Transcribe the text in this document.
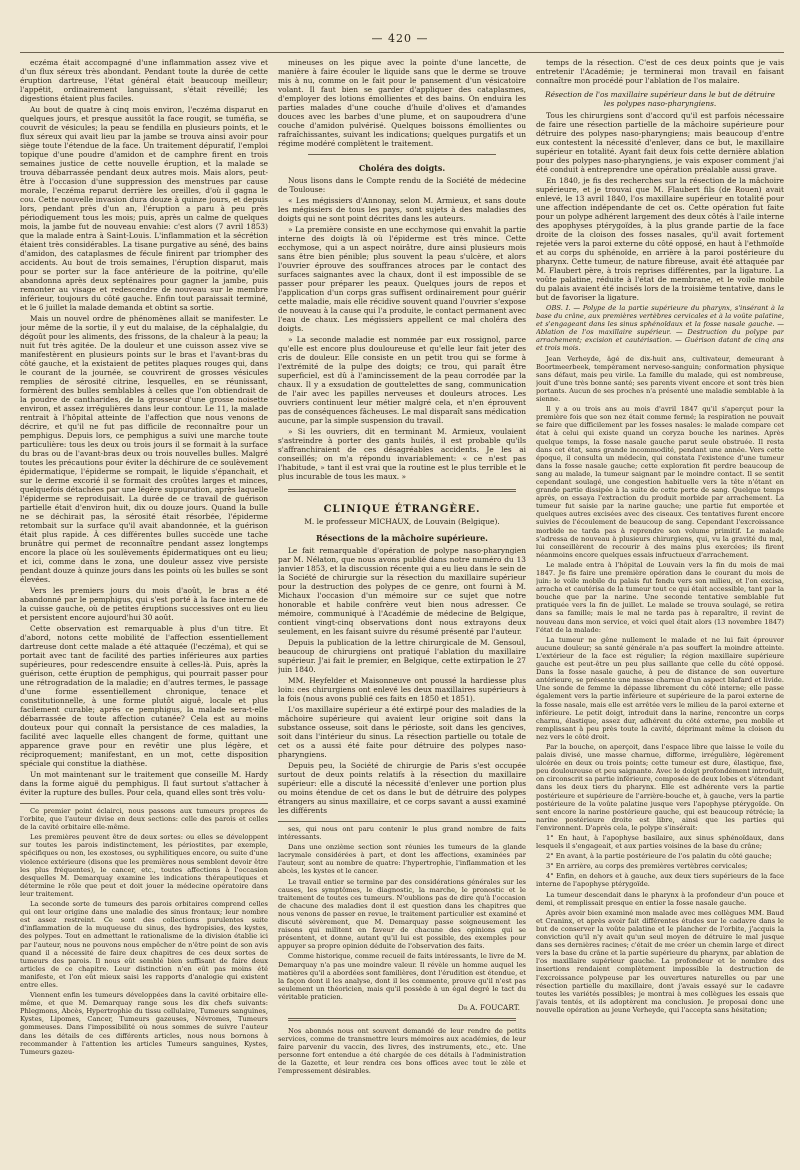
— 420 —

eczéma était accompagné d'une inflammation assez vive et d'un flux séreux très abondant. Pendant toute la durée de cette éruption dartreuse, l'état général était beaucoup meilleur; l'appétit, ordinairement languissant, s'était réveillé; les digestions étaient plus faciles.

Au bout de quatre à cinq mois environ, l'eczéma disparut en quelques jours, et presque aussitôt la face rougit, se tuméfia, se couvrit de vésicules; la peau se fendilla en plusieurs points, et le flux séreux qui avait lieu par la jambe se trouva ainsi avoir pour siège toute l'étendue de la face. Un traitement dépuratif, l'emploi topique d'une poudre d'amidon et de camphre firent en trois semaines justice de cette nouvelle éruption, et la malade se trouva débarrassée pendant deux autres mois. Mais alors, peut-être à l'occasion d'une suppression des menstrues par cause morale, l'eczéma reparut derrière les oreilles, d'où il gagna le cou. Cette nouvelle invasion dura douze à quinze jours, et depuis lors, pendant près d'un an, l'éruption a paru à peu près périodiquement tous les mois; puis, après un calme de quelques mois, la jambe fut de nouveau envahie: c'est alors (7 avril 1853) que la malade entra à Saint-Louis. L'inflammation et la sécrétion étaient très considérables. La tisane purgative au séné, des bains d'amidon, des cataplasmes de fécule finirent par triompher des accidents. Au bout de trois semaines, l'éruption disparut, mais pour se porter sur la face antérieure de la poitrine, qu'elle abandonna après deux septénaires pour gagner la jambe, puis remonter au visage et redescendre de nouveau sur le membre inférieur, toujours du côté gauche. Enfin tout paraissait terminé, et le 6 juillet la malade demanda et obtint sa sortie.

Mais un nouvel ordre de phénomènes allait se manifester. Le jour même de la sortie, il y eut du malaise, de la céphalalgie, du dégoût pour les aliments, des frissons, de la chaleur à la peau; la nuit fut très agitée. De la douleur et une cuisson assez vive se manifestèrent en plusieurs points sur le bras et l'avant-bras du côté gauche, et la existaient de petites plaques rouges qui, dans le courant de la journée, se couvrirent de grosses vésicules remplies de sérosité citrine, lesquelles, en se réunissant, formèrent des bulles semblables à celles que l'on obtiendrait de la poudre de cantharides, de la grosseur d'une grosse noisette environ, et assez irrégulières dans leur contour. Le 11, la malade rentrait à l'hôpital atteinte de l'affection que nous venons de décrire, et qu'il ne fut pas difficile de reconnaître pour un pemphigus. Depuis lors, ce pemphigus a suivi une marche toute particulière: tous les deux ou trois jours il se formait à la surface du bras ou de l'avant-bras deux ou trois nouvelles bulles. Malgré toutes les précautions pour éviter la déchirure de ce soulèvement épidermatique, l'épiderme se rompait, le liquide s'épanchait, et sur le derme excorié il se formait des croûtes larges et minces, quelquefois détachées par une légère suppuration, après laquelle l'épiderme se reproduisait. La durée de ce travail de guérison partielle était d'environ huit, dix ou douze jours. Quand la bulle ne se déchirait pas, la sérosité était résorbée, l'épiderme retombait sur la surface qu'il avait abandonnée, et la guérison était plus rapide. À ces différentes bulles succède une tache brunâtre qui permet de reconnaître pendant assez longtemps encore la place où les soulèvements épidermatiques ont eu lieu; et ici, comme dans le zona, une douleur assez vive persiste pendant douze à quinze jours dans les points où les bulles se sont élevées.

Vers les premiers jours du mois d'août, le bras a été abandonné par le pemphigus, qui s'est porté à la face interne de la cuisse gauche, où de petites éruptions successives ont eu lieu et persistent encore aujourd'hui 30 août.

Cette observation est remarquable à plus d'un titre. Et d'abord, notons cette mobilité de l'affection essentiellement dartreuse dont cette malade a été attaquée (l'eczéma), et qui se portait avec tant de facilité des parties inférieures aux parties supérieures, pour redescendre ensuite à celles-là. Puis, après la guérison, cette éruption de pemphigus, qui pourrait passer pour une rétrogradation de la maladie; en d'autres termes, le passage d'une forme essentiellement chronique, tenace et constitutionnelle, à une forme plutôt aiguë, locale et plus facilement curable; après ce pemphigus, la malade sera-t-elle débarrassée de toute affection cutanée? Cela est au moins douteux pour qui connaît la persistance de ces maladies, la facilité avec laquelle elles changent de forme, quittant une apparence grave pour en revêtir une plus légère, et réciproquement; manifestant, en un mot, cette disposition spéciale qui constitue la diathèse.

Un mot maintenant sur le traitement que conseille M. Hardy dans la forme aiguë du pemphigus. Il faut surtout s'attacher à éviter la rupture des bulles. Pour cela, quand elles sont très volu-

Ce premier point éclairci, nous passons aux tumeurs propres de l'orbite, que l'auteur divise en deux sections: celle des parois et celles de la cavité orbitaire elle-même.

Les premières peuvent être de deux sortes: ou elles se développent sur toutes les parois indistinctement, les périostites, par exemple, spécifiques ou non, les exostoses, ou syphilitiques encore, ou suite d'une violence extérieure (disons que les premières nous semblent devoir être les plus fréquentes), le cancer, etc., toutes affections à l'occasion desquelles M. Demarquay examine les indications thérapeutiques et détermine le rôle que peut et doit jouer la médecine opératoire dans leur traitement.

La seconde sorte de tumeurs des parois orbitaires comprend celles qui ont leur origine dans une maladie des sinus frontaux; leur nombre est assez restreint. Ce sont des collections purulentes suite d'inflammation de la muqueuse du sinus, des hydropisies, des kystes, des polypes. Tout en admettant le rationalisme de la division établie ici par l'auteur, nous ne pouvons nous empêcher de n'être point de son avis quand il a nécessité de faire deux chapitres de ces deux sortes de tumeurs des parois. Il nous eût semblé bien suffisant de faire deux articles de ce chapitre. Leur distinction n'en eût pas moins été manifeste, et l'on eût mieux saisi les rapports d'analogie qui existent entre elles.

Viennent enfin les tumeurs développées dans la cavité orbitaire elle-même, et que M. Demarquay range sous les dix chefs suivants: Phlegmons, Abcès, Hypertrophie du tissu cellulaire, Tumeurs sanguines, Kystes, Lipomes, Cancer, Tumeurs gazeuses, Névromes, Tumeurs gommeuses. Dans l'impossibilité où nous sommes de suivre l'auteur dans les détails de ces différents articles, nous nous bornons à recommander à l'attention les articles Tumeurs sanguines, Kystes, Tumeurs gazeu-

mineuses on les pique avec la pointe d'une lancette, de manière à faire écouler le liquide sans que le derme se trouve mis à nu, comme on le fait pour le pansement d'un vésicatoire volant. Il faut bien se garder d'appliquer des cataplasmes, d'employer des lotions émollientes et des bains. On enduira les parties malades d'une couche d'huile d'olives et d'amandes douces avec les barbes d'une plume, et on saupoudrera d'une couche d'amidon pulvérisé. Quelques boissons émollientes ou rafraîchissantes, suivant les indications; quelques purgatifs et un régime modéré complètent le traitement.

Choléra des doigts.

Nous lisons dans le Compte rendu de la Société de médecine de Toulouse:

« Les mégissiers d'Annonay, selon M. Armieux, et sans doute les mégissiers de tous les pays, sont sujets à des maladies des doigts qui ne sont point décrites dans les auteurs.

» La première consiste en une ecchymose qui envahit la partie interne des doigts là où l'épiderme est très mince. Cette ecchymose, qui a un aspect noirâtre, dure ainsi plusieurs mois sans être bien pénible; plus souvent la peau s'ulcère, et alors l'ouvrier éprouve des souffrances atroces par le contact des surfaces saignantes avec la chaux, dont il est impossible de se passer pour préparer les peaux. Quelques jours de repos et l'application d'un corps gras suffisent ordinairement pour guérir cette maladie, mais elle récidive souvent quand l'ouvrier s'expose de nouveau à la cause qui l'a produite, le contact permanent avec l'eau de chaux. Les mégissiers appellent ce mal choléra des doigts.

» La seconde maladie est nommée par eux rossignol, parce qu'elle est encore plus douloureuse et qu'elle leur fait jeter des cris de douleur. Elle consiste en un petit trou qui se forme à l'extrémité de la pulpe des doigts; ce trou, qui paraît être superficiel, est dû à l'amincissement de la peau corrodée par la chaux. Il y a exsudation de gouttelettes de sang, communication de l'air avec les papilles nerveuses et douleurs atroces. Les ouvriers continuent leur métier malgré cela, et n'en éprouvent pas de conséquences fâcheuses. Le mal disparaît sans médication aucune, par la simple suspension du travail.

» Si les ouvriers, dit en terminant M. Armieux, voulaient s'astreindre à porter des gants huilés, il est probable qu'ils s'affranchiraient de ces désagréables accidents. Je les ai conseillés; on m'a répondu invariablement: « ce n'est pas l'habitude, » tant il est vrai que la routine est le plus terrible et le plus incurable de tous les maux. »

CLINIQUE ÉTRANGÈRE.
M. le professeur MICHAUX, de Louvain (Belgique).
Résections de la mâchoire supérieure.

Le fait remarquable d'opération de polype naso-pharyngien par M. Nélaton, que nous avons publié dans notre numéro du 13 janvier 1853, et la discussion récente qui a eu lieu dans le sein de la Société de chirurgie sur la résection du maxillaire supérieur pour la destruction des polypes de ce genre, ont fourni à M. Michaux l'occasion d'un mémoire sur ce sujet que notre honorable et habile confrère veut bien nous adresser. Ce mémoire, communiqué à l'Académie de médecine de Belgique, contient vingt-cinq observations dont nous extrayons deux seulement, en les faisant suivre du résumé présenté par l'auteur.

Depuis la publication de la lettre chirurgicale de M. Gensoul, beaucoup de chirurgiens ont pratiqué l'ablation du maxillaire supérieur. J'ai fait le premier, en Belgique, cette extirpation le 27 juin 1840.

MM. Heyfelder et Maisonneuve ont poussé la hardiesse plus loin: ces chirurgiens ont enlevé les deux maxillaires supérieurs à la fois (nous avons publié ces faits en 1850 et 1851).

L'os maxillaire supérieur a été extirpé pour des maladies de la mâchoire supérieure qui avaient leur origine soit dans la substance osseuse, soit dans le périoste, soit dans les gencives, soit dans l'intérieur du sinus. La résection partielle ou totale de cet os a aussi été faite pour détruire des polypes naso-pharyngiens.

Depuis peu, la Société de chirurgie de Paris s'est occupée surtout de deux points relatifs à la résection du maxillaire supérieur: elle a discuté la nécessité d'enlever une portion plus ou moins étendue de cet os dans le but de détruire des polypes étrangers au sinus maxillaire, et ce corps savant a aussi examiné les différents

ses, qui nous ont paru contenir le plus grand nombre de faits intéressants.

Dans une onzième section sont réunies les tumeurs de la glande lacrymale considérées à part, et dont les affections, examinées par l'auteur, sont au nombre de quatre: l'hypertrophie, l'inflammation et les abcès, les kystes et le cancer.

Le travail entier se termine par des considérations générales sur les causes, les symptômes, le diagnostic, la marche, le pronostic et le traitement de toutes ces tumeurs. N'oublions pas de dire qu'à l'occasion de chacune des maladies dont il est question dans les chapitres que nous venons de passer en revue, le traitement particulier est examiné et discuté sévèrement, que M. Demarquay passe soigneusement les raisons qui militent en faveur de chacune des opinions qui se présentent, et donne, autant qu'il lui est possible, des exemples pour appuyer sa propre opinion déduite de l'observation des faits.

Comme historique, comme recueil de faits intéressants, le livre de M. Demarquay n'a pas une moindre valeur. Il révèle un homme auquel les matières qu'il a abordées sont familières, dont l'érudition est étendue, et la façon dont il les analyse, dont il les commente, prouve qu'il n'est pas seulement un théoricien, mais qu'il possède à un égal degré le tact du véritable praticien.

Dr A. FOUCART.

Nos abonnés nous ont souvent demandé de leur rendre de petits services, comme de transmettre leurs mémoires aux académies, de leur faire parvenir du vaccin, des livres, des instruments, etc., etc. Une personne fort entendue a été chargée de ces détails à l'administration de la Gazette, et leur rendra ces bons offices avec tout le zèle et l'empressement désirables.

temps de la résection. C'est de ces deux points que je vais entretenir l'Académie; je terminerai mon travail en faisant connaître mon procédé pour l'ablation de l'os malaire.

Résection de l'os maxillaire supérieur dans le but de détruire les polypes naso-pharyngiens.

Tous les chirurgiens sont d'accord qu'il est parfois nécessaire de faire une résection partielle de la mâchoire supérieure pour détruire des polypes naso-pharyngiens; mais beaucoup d'entre eux contestent la nécessité d'enlever, dans ce but, le maxillaire supérieur en totalité. Ayant fait deux fois cette dernière ablation pour des polypes naso-pharyngiens, je vais exposer comment j'ai été conduit à entreprendre une opération préalable aussi grave.

En 1840, je fis des recherches sur la résection de la mâchoire supérieure, et je trouvai que M. Flaubert fils (de Rouen) avait enlevé, le 13 avril 1840, l'os maxillaire supérieur en totalité pour une affection indépendante de cet os. Cette opération fut faite pour un polype adhérent largement des deux côtés à l'aile interne des apophyses ptérygoïdes, à la plus grande partie de la face droite de la cloison des fosses nasales, qu'il avait fortement rejetée vers la paroi externe du côté opposé, en haut à l'ethmoïde et au corps du sphénoïde, en arrière à la paroi postérieure du pharynx. Cette tumeur, de nature fibreuse, avait été attaquée par M. Flaubert père, à trois reprises différentes, par la ligature. La voûte palatine, réduite à l'état de membrane, et le voile mobile du palais avaient été incisés lors de la troisième tentative, dans le but de favoriser la ligature.

OBS. I. — Polype de la partie supérieure du pharynx, s'insérant à la base du crâne, aux premières vertèbres cervicales et à la voûte palatine, et s'engageant dans les sinus sphénoïdaux et la fosse nasale gauche. — Ablation de l'os maxillaire supérieur. — Destruction du polype par arrachement; excision et cautérisation. — Guérison datant de cinq ans et trois mois.

Jean Verheyde, âgé de dix-huit ans, cultivateur, demeurant à Boortmeerbeek, tempérament nerveso-sanguin; conformation physique sans défaut, mais peu virile. La famille du malade, qui est nombreuse, jouit d'une très bonne santé; ses parents vivent encore et sont très bien portants. Aucun de ses proches n'a présenté une maladie semblable à la sienne.

Il y a ou trois ans au mois d'avril 1847 qu'il s'aperçut pour la première fois que son nez était comme fermé; la respiration ne pouvait se faire que difficilement par les fosses nasales: le malade compare cet état à celui qui existe quand un coryza bouche les narines. Après quelque temps, la fosse nasale gauche parut seule obstruée. Il resta dans cet état, sans grande incommodité, pendant une année. Vers cette époque, il consulta un médecin, qui constata l'existence d'une tumeur dans la fosse nasale gauche; cette exploration fit perdre beaucoup de sang au malade, la tumeur saignant par le moindre contact. Il se sentit cependant soulagé, une congestion habituelle vers la tête n'étant en grande partie dissipée à la suite de cette perte de sang. Quelque temps après, on essaya l'extraction du produit morbide par arrachement. La tumeur fut saisie par la narine gauche; une partie fut emportée et quelques autres excisées avec des ciseaux. Ces tentatives furent encore suivies de l'écoulement de beaucoup de sang. Cependant l'excroissance morbide ne tarda pas à reprendre son volume primitif. Le malade s'adressa de nouveau à plusieurs chirurgiens, qui, vu la gravité du mal, lui conseillèrent de recourir à des mains plus exercées; ils firent néanmoins encore quelques essais infructueux d'arrachement.

Le malade entra à l'hôpital de Louvain vers la fin du mois de mai 1847. Je fis faire une première opération dans le courant du mois de juin: le voile mobile du palais fut fendu vers son milieu, et l'on excisa, arracha et cautérisa de la tumeur tout ce qui était accessible, tant par la bouche que par la narine. Une seconde tentative semblable fut pratiquée vers la fin de juillet. Le malade se trouva soulagé, se retira dans sa famille; mais le mal ne tarda pas à reparaître, il revint de nouveau dans mon service, et voici quel était alors (13 novembre 1847) l'état de la malade:

La tumeur ne gêne nullement le malade et ne lui fait éprouver aucune douleur; sa santé générale n'a pas souffert la moindre atteinte. L'extérieur de la face est régulier; la région maxillaire supérieure gauche est peut-être un peu plus saillante que celle du côté opposé. Dans la fosse nasale gauche, à peu de distance de son ouverture antérieure, se présente une masse charnue d'un aspect blafard et livide. Une sonde de femme la dépasse librement du côté interne; elle passe également vers la partie inférieure et supérieure de la paroi externe de la fosse nasale, mais elle est arrêtée vers le milieu de la paroi externe et inférieure. Le petit doigt, introduit dans la narine, rencontre un corps charnu, élastique, assez dur, adhérent du côté externe, peu mobile et remplissant à peu près toute la cavité, déprimant même la cloison du nez vers le côté droit.

Par la bouche, on aperçoit, dans l'espace libre que laisse le voile du palais divisé, une masse charnue, difforme, irrégulière, légèrement ulcérée en deux ou trois points; cette tumeur est dure, élastique, fixe, peu douloureuse et peu saignante. Avec le doigt profondément introduit, on circonscrit sa partie inférieure, composée de deux lobes et s'étendant dans les deux tiers du pharynx. Elle est adhérente vers la partie postérieure et supérieure de l'arrière-bouche et, à gauche, vers la partie postérieure de la voûte palatine jusque vers l'apophyse ptérygoïde. On sent encore la narine postérieure gauche, qui est beaucoup rétrécie; la narine postérieure droite est libre, ainsi que les parties qui l'environnent. D'après cela, le polype s'insérait:

1° En haut, à l'apophyse basilaire, aux sinus sphénoïdaux, dans lesquels il s'engageait, et aux parties voisines de la base du crâne;

2° En avant, à la partie postérieure de l'os palatin du côté gauche;

3° En arrière, au corps des premières vertèbres cervicales;

4° Enfin, en dehors et à gauche, aux deux tiers supérieurs de la face interne de l'apophyse ptérygoïde.

La tumeur descendait dans le pharynx à la profondeur d'un pouce et demi, et remplissait presque en entier la fosse nasale gauche.

Après avoir bien examiné mon malade avec mes collègues MM. Baud et Craninx, et après avoir fait différentes études sur le cadavre dans le but de conserver la voûte palatine et le plancher de l'orbite, j'acquis la conviction qu'il n'y avait qu'un seul moyen de détruire le mal jusque dans ses dernières racines; c'était de me créer un chemin large et direct vers la base du crâne et la partie supérieure du pharynx, par ablation de l'os maxillaire supérieur gauche. La profondeur et le nombre des insertions rendaient complètement impossible la destruction de l'excroissance polypeuse par les ouvertures naturelles ou par une résection partielle du maxillaire, dont j'avais essayé sur le cadavre toutes les variétés possibles; je montrai à mes collègues les essais que j'avais tentés, et ils adoptèrent ma conclusion. Je proposai donc une nouvelle opération au jeune Verheyde, qui l'accepta sans hésitation;
